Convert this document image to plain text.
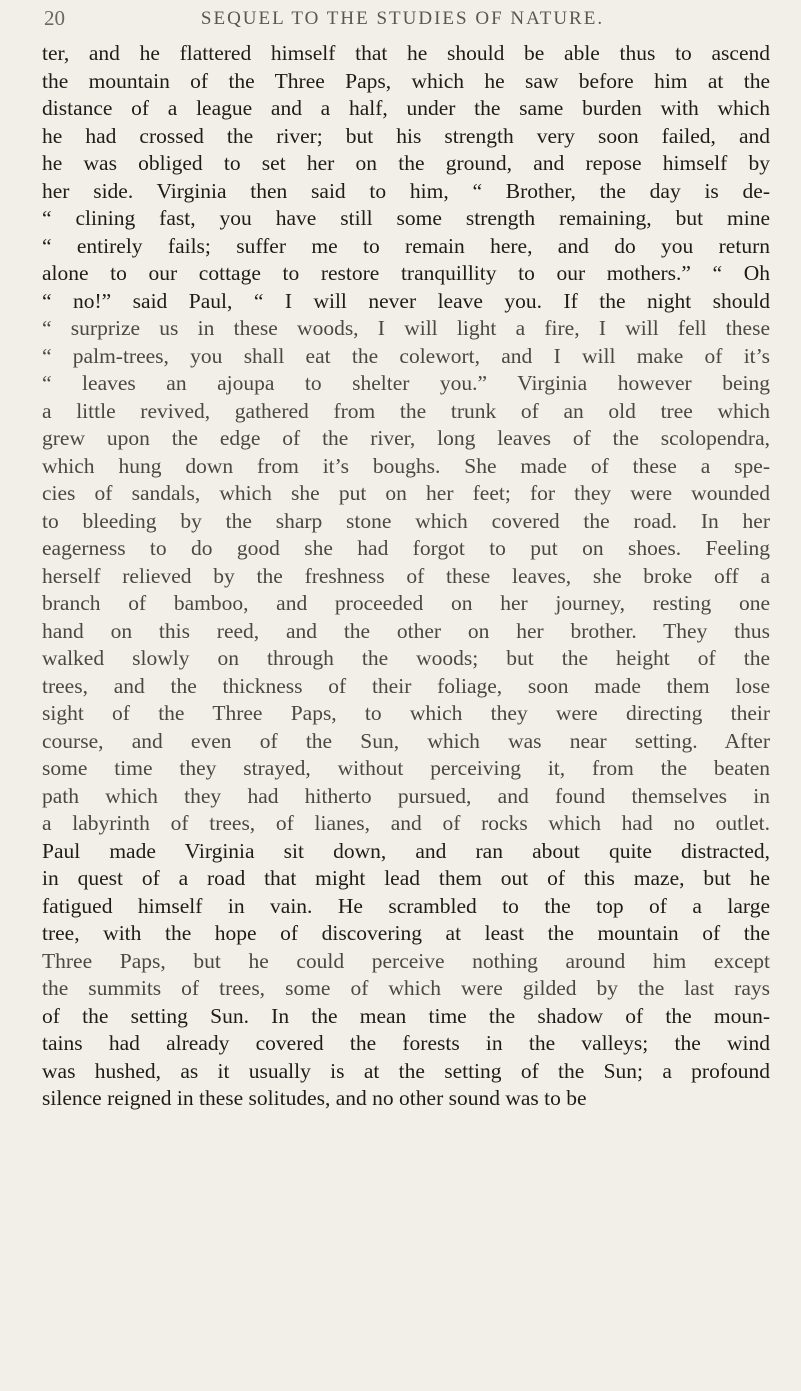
20	SEQUEL TO THE STUDIES OF NATURE.
ter, and he flattered himself that he should be able thus to ascend
the mountain of the Three Paps, which he saw before him at the
distance of a league and a half, under the same burden with which
he had crossed the river; but his strength very soon failed, and
he was obliged to set her on the ground, and repose himself by
her side. Virginia then said to him, “ Brother, the day is de-
“ clining fast, you have still some strength remaining, but mine
“ entirely fails; suffer me to remain here, and do you return
alone to our cottage to restore tranquillity to our mothers.” “ Oh
“ no!” said Paul, “ I will never leave you. If the night should
“ surprize us in these woods, I will light a fire, I will fell these
“ palm-trees, you shall eat the colewort, and I will make of it’s
“ leaves an ajoupa to shelter you.” Virginia however being
a little revived, gathered from the trunk of an old tree which
grew upon the edge of the river, long leaves of the scolopendra,
which hung down from it’s boughs. She made of these a spe-
cies of sandals, which she put on her feet; for they were wounded
to bleeding by the sharp stone which covered the road. In her
eagerness to do good she had forgot to put on shoes. Feeling
herself relieved by the freshness of these leaves, she broke off a
branch of bamboo, and proceeded on her journey, resting one
hand on this reed, and the other on her brother. They thus
walked slowly on through the woods; but the height of the
trees, and the thickness of their foliage, soon made them lose
sight of the Three Paps, to which they were directing their
course, and even of the Sun, which was near setting. After
some time they strayed, without perceiving it, from the beaten
path which they had hitherto pursued, and found themselves in
a labyrinth of trees, of lianes, and of rocks which had no outlet.
Paul made Virginia sit down, and ran about quite distracted,
in quest of a road that might lead them out of this maze, but he
fatigued himself in vain. He scrambled to the top of a large
tree, with the hope of discovering at least the mountain of the
Three Paps, but he could perceive nothing around him except
the summits of trees, some of which were gilded by the last rays
of the setting Sun. In the mean time the shadow of the moun-
tains had already covered the forests in the valleys; the wind
was hushed, as it usually is at the setting of the Sun; a profound
silence reigned in these solitudes, and no other sound was to be
